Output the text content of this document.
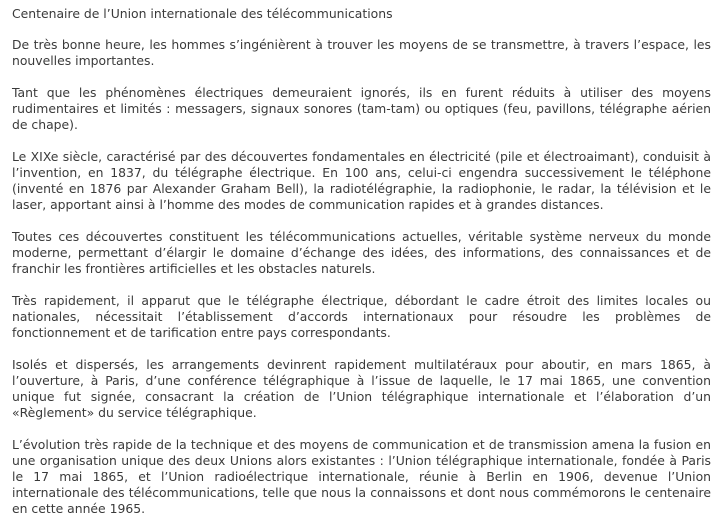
Centenaire de l’Union internationale des télécommunications

De très bonne heure, les hommes s’ingénièrent à trouver les moyens de se transmettre, à travers l’espace, les nouvelles importantes.

Tant que les phénomènes électriques demeuraient ignorés, ils en furent réduits à utiliser des moyens rudimentaires et limités : messagers, signaux sonores (tam-tam) ou optiques (feu, pavillons, télégraphe aérien de chape).

Le XIXe siècle, caractérisé par des découvertes fondamentales en électricité (pile et électroaimant), conduisit à l’invention, en 1837, du télégraphe électrique. En 100 ans, celui-ci engendra successivement le téléphone (inventé en 1876 par Alexander Graham Bell), la radiotélégraphie, la radiophonie, le radar, la télévision et le laser, apportant ainsi à l’homme des modes de communication rapides et à grandes distances.

Toutes ces découvertes constituent les télécommunications actuelles, véritable système nerveux du monde moderne, permettant d’élargir le domaine d’échange des idées, des informations, des connaissances et de franchir les frontières artificielles et les obstacles naturels.

Très rapidement, il apparut que le télégraphe électrique, débordant le cadre étroit des limites locales ou nationales, nécessitait l’établissement d’accords internationaux pour résoudre les problèmes de fonctionnement et de tarification entre pays correspondants.

Isolés et dispersés, les arrangements devinrent rapidement multilatéraux pour aboutir, en mars 1865, à l’ouverture, à Paris, d’une conférence télégraphique à l’issue de laquelle, le 17 mai 1865, une convention unique fut signée, consacrant la création de l’Union télégraphique internationale et l’élaboration d’un «Règlement» du service télégraphique.

L’évolution très rapide de la technique et des moyens de communication et de transmission amena la fusion en une organisation unique des deux Unions alors existantes : l’Union télégraphique internationale, fondée à Paris le 17 mai 1865, et l’Union radioélectrique internationale, réunie à Berlin en 1906, devenue l’Union internationale des télécommunications, telle que nous la connaissons et dont nous commémorons le centenaire en cette année 1965.
